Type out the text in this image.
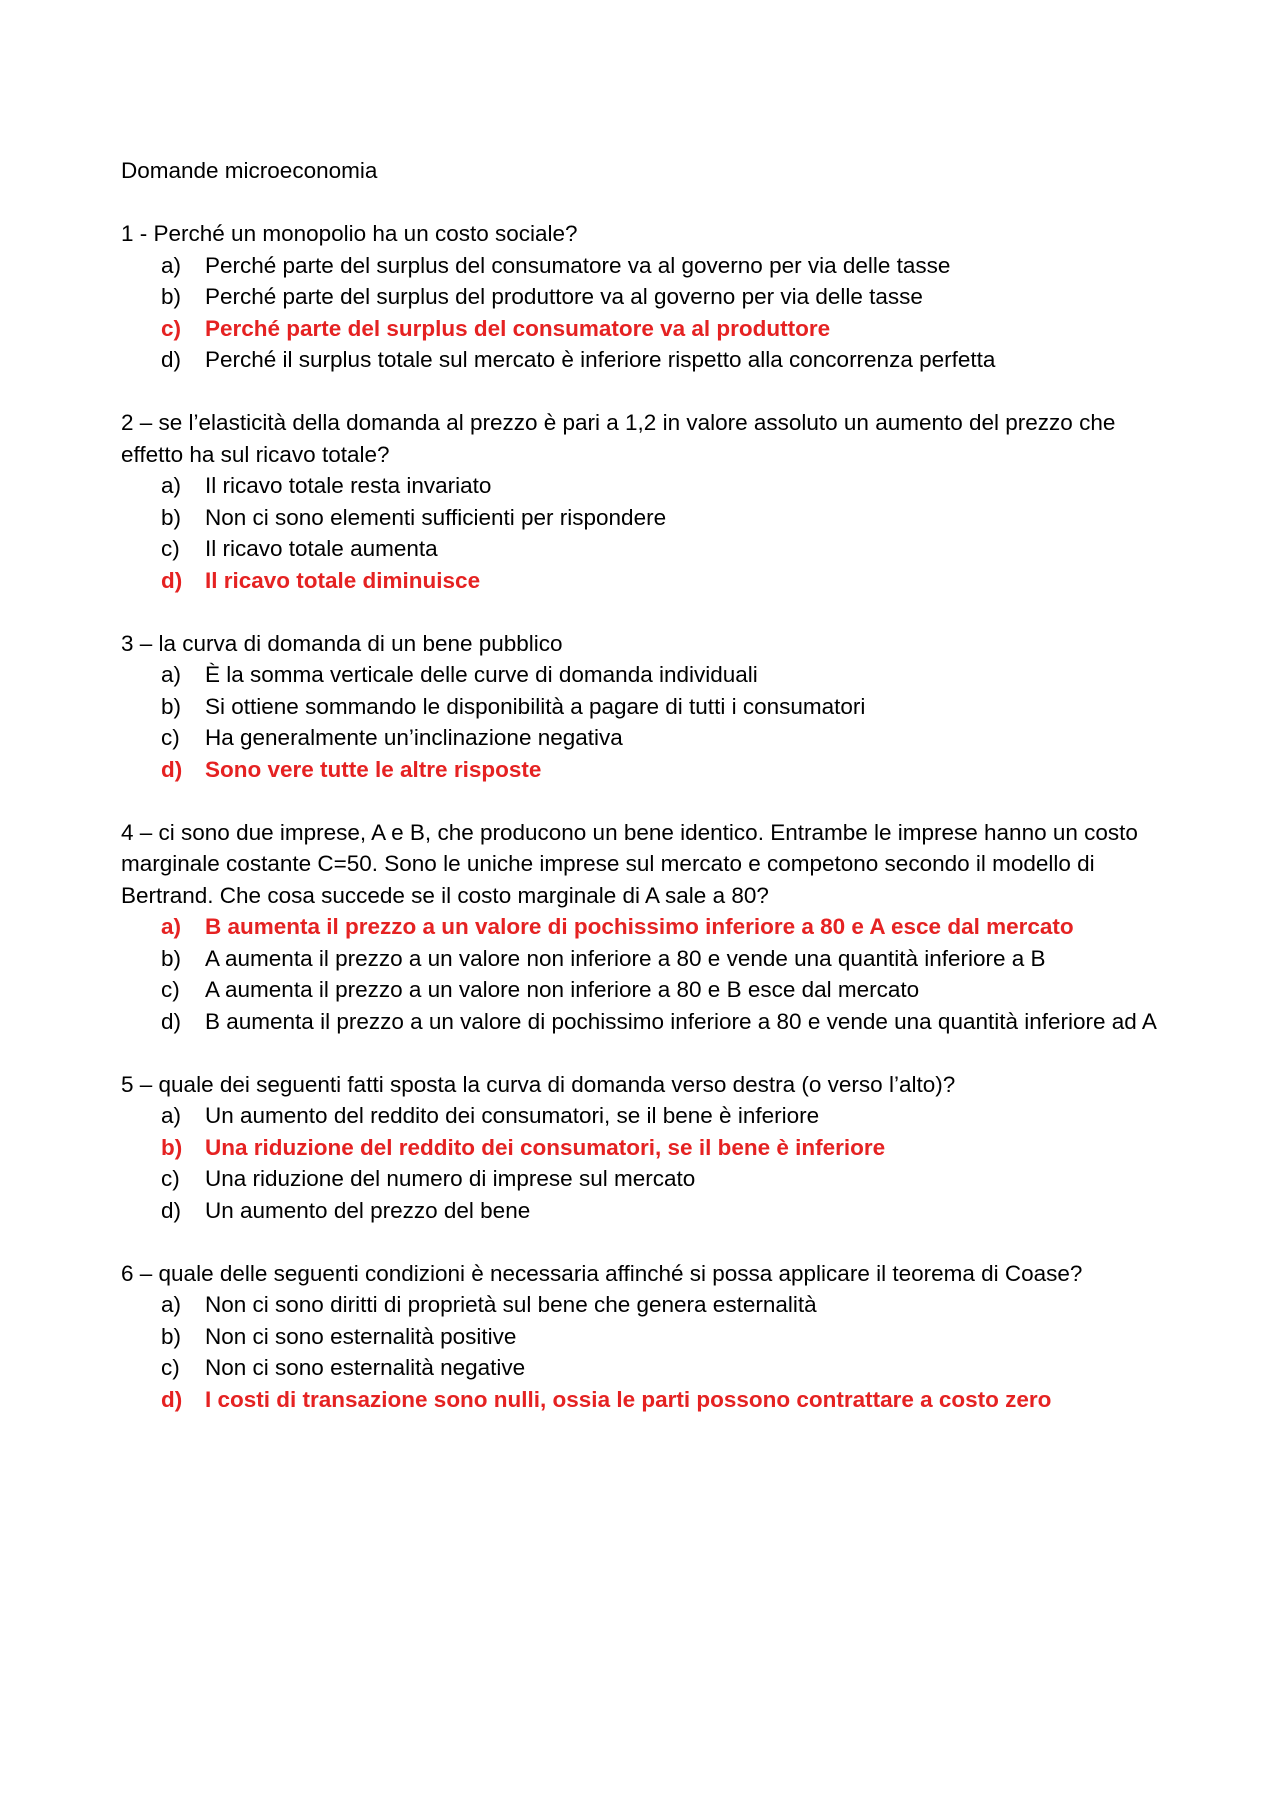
Domande microeconomia

1 - Perché un monopolio ha un costo sociale?

a)	Perché parte del surplus del consumatore va al governo per via delle tasse
b)	Perché parte del surplus del produttore va al governo per via delle tasse
c)	Perché parte del surplus del consumatore va al produttore
d)	Perché il surplus totale sul mercato è inferiore rispetto alla concorrenza perfetta

2 – se l’elasticità della domanda al prezzo è pari a 1,2 in valore assoluto un aumento del prezzo che effetto ha sul ricavo totale?

a)	Il ricavo totale resta invariato
b)	Non ci sono elementi sufficienti per rispondere
c)	Il ricavo totale aumenta
d)	Il ricavo totale diminuisce

3 – la curva di domanda di un bene pubblico

a)	È la somma verticale delle curve di domanda individuali
b)	Si ottiene sommando le disponibilità a pagare di tutti i consumatori
c)	Ha generalmente un’inclinazione negativa
d)	Sono vere tutte le altre risposte

4 – ci sono due imprese, A e B, che producono un bene identico. Entrambe le imprese hanno un costo marginale costante C=50. Sono le uniche imprese sul mercato e competono secondo il modello di Bertrand. Che cosa succede se il costo marginale di A sale a 80?

a)	B aumenta il prezzo a un valore di pochissimo inferiore a 80 e A esce dal mercato
b)	A aumenta il prezzo a un valore non inferiore a 80 e vende una quantità inferiore a B
c)	A aumenta il prezzo a un valore non inferiore a 80 e B esce dal mercato
d)	B aumenta il prezzo a un valore di pochissimo inferiore a 80 e vende una quantità inferiore ad A

5 – quale dei seguenti fatti sposta la curva di domanda verso destra (o verso l’alto)?

a)	Un aumento del reddito dei consumatori, se il bene è inferiore
b)	Una riduzione del reddito dei consumatori, se il bene è inferiore
c)	Una riduzione del numero di imprese sul mercato
d)	Un aumento del prezzo del bene

6 – quale delle seguenti condizioni è necessaria affinché si possa applicare il teorema di Coase?

a)	Non ci sono diritti di proprietà sul bene che genera esternalità
b)	Non ci sono esternalità positive
c)	Non ci sono esternalità negative
d)	I costi di transazione sono nulli, ossia le parti possono contrattare a costo zero
